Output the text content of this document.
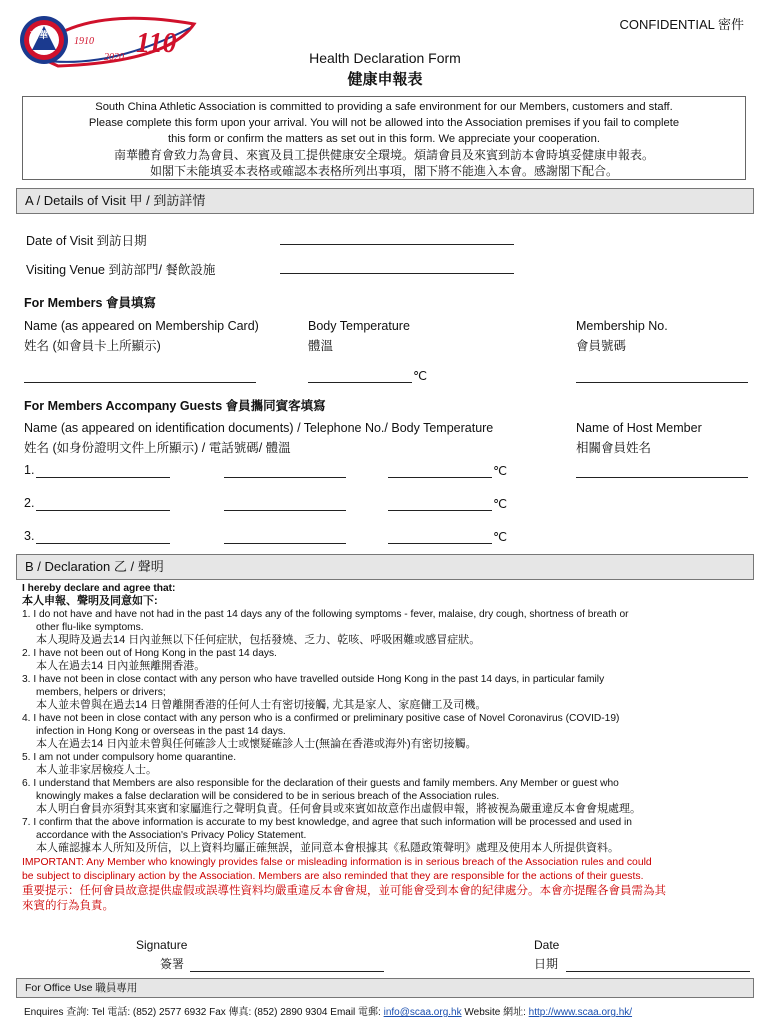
南華	1910
2020 110
CONFIDENTIAL 密件
Health Declaration Form
健康申報表
South China Athletic Association is committed to providing a safe environment for our Members, customers and staff.
Please complete this form upon your arrival. You will not be allowed into the Association premises if you fail to complete
this form or confirm the matters as set out in this form. We appreciate your cooperation.
南華體育會致力為會員、來賓及員工提供健康安全環境。煩請會員及來賓到訪本會時填妥健康申報表。
如閣下未能填妥本表格或確認本表格所列出事項，閣下將不能進入本會。感謝閣下配合。
A / Details of Visit 甲 / 到訪詳情
Date of Visit 到訪日期
Visiting Venue 到訪部門/ 餐飲設施
For Members 會員填寫
Name (as appeared on Membership Card)
姓名 (如會員卡上所顯示)
Body Temperature
體溫
Membership No.
會員號碼
℃
For Members Accompany Guests 會員攜同賓客填寫
Name (as appeared on identification documents) / Telephone No./ Body Temperature
姓名 (如身份證明文件上所顯示) / 電話號碼/ 體溫
Name of Host Member
相關會員姓名
1.	℃
2.	℃
3.	℃
B / Declaration 乙 / 聲明
I hereby declare and agree that:
本人申報、聲明及同意如下:
1. I do not have and have not had in the past 14 days any of the following symptoms - fever, malaise, dry cough, shortness of breath or
other flu-like symptoms.
本人現時及過去14 日內並無以下任何症狀，包括發燒、乏力、乾咳、呼吸困難或感冒症狀。
2. I have not been out of Hong Kong in the past 14 days.
本人在過去14 日內並無離開香港。
3. I have not been in close contact with any person who have travelled outside Hong Kong in the past 14 days, in particular family
members, helpers or drivers;
本人並未曾與在過去14 日曾離開香港的任何人士有密切接觸, 尤其是家人、家庭傭工及司機。
4. I have not been in close contact with any person who is a confirmed or preliminary positive case of Novel Coronavirus (COVID-19)
infection in Hong Kong or overseas in the past 14 days.
本人在過去14 日內並未曾與任何確診人士或懷疑確診人士(無論在香港或海外)有密切接觸。
5. I am not under compulsory home quarantine.
本人並非家居檢疫人士。
6. I understand that Members are also responsible for the declaration of their guests and family members. Any Member or guest who
knowingly makes a false declaration will be considered to be in serious breach of the Association rules.
本人明白會員亦須對其來賓和家屬進行之聲明負責。任何會員或來賓如故意作出虛假申報，將被視為嚴重違反本會會規處理。
7. I confirm that the above information is accurate to my best knowledge, and agree that such information will be processed and used in
accordance with the Association's Privacy Policy Statement.
本人確認據本人所知及所信，以上資料均屬正確無誤，並同意本會根據其《私隱政策聲明》處理及使用本人所提供資料。
IMPORTANT: Any Member who knowingly provides false or misleading information is in serious breach of the Association rules and could
be subject to disciplinary action by the Association. Members are also reminded that they are responsible for the actions of their guests.
重要提示：任何會員故意提供虛假或誤導性資料均嚴重違反本會會規，並可能會受到本會的紀律處分。本會亦提醒各會員需為其
來賓的行為負責。
Signature
簽署
Date
日期
For Office Use 職員專用
Enquires 查詢: Tel 電話: (852) 2577 6932 Fax 傳真: (852) 2890 9304 Email 電郵: info@scaa.org.hk Website 網址: http://www.scaa.org.hk/
